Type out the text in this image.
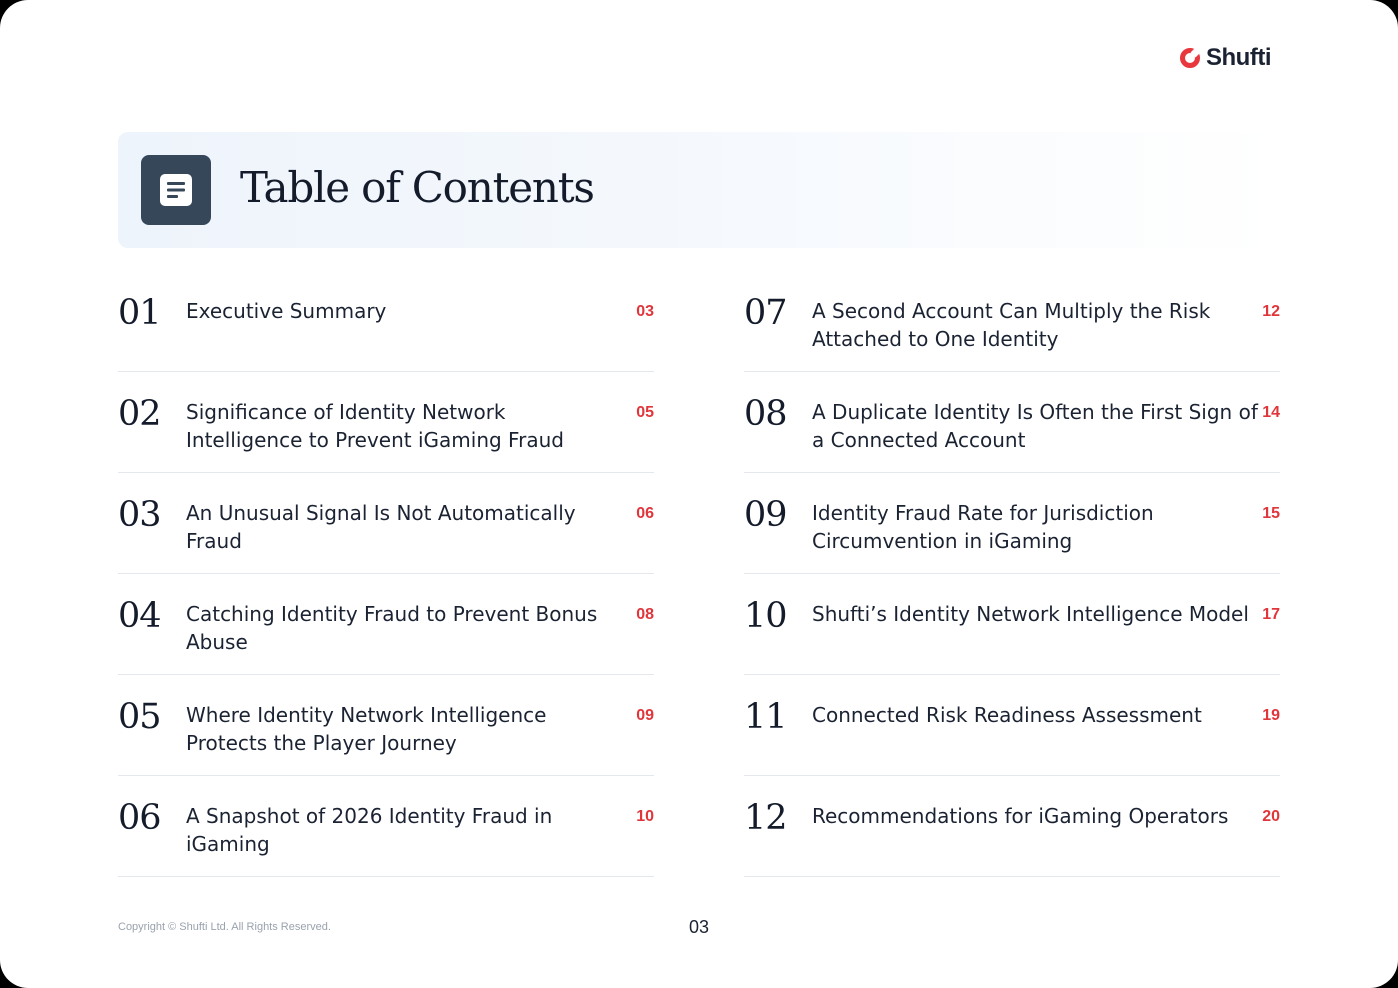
Shufti
Table of Contents
01 Executive Summary	03
02 Significance of Identity Network Intelligence to Prevent iGaming Fraud
05
03 An Unusual Signal Is Not Automatically Fraud
06
04 Catching Identity Fraud to Prevent Bonus Abuse
08
05 Where Identity Network Intelligence Protects the Player Journey
09
06 A Snapshot of 2026 Identity Fraud in iGaming
10
07 A Second Account Can Multiply the Risk Attached to One Identity
12
08 A Duplicate Identity Is Often the First Sign of a Connected Account
14
09 Identity Fraud Rate for Jurisdiction Circumvention in iGaming
15
10 Shufti’s Identity Network Intelligence Model 17
11 Connected Risk Readiness Assessment	19
12 Recommendations for iGaming Operators	20
Copyright © Shufti Ltd. All Rights Reserved.	03
